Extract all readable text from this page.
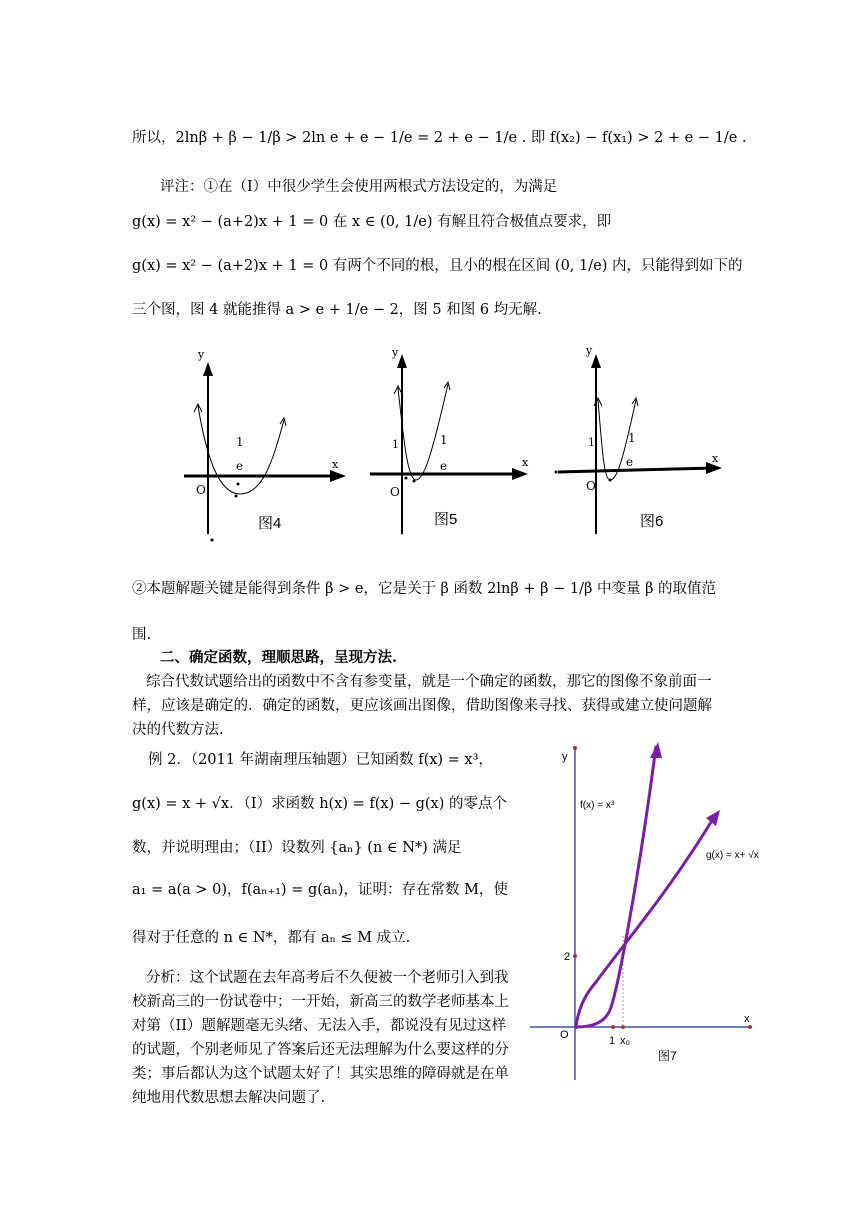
所以，2lnβ + β − 1/β > 2ln e + e − 1/e = 2 + e − 1/e . 即 f(x₂) − f(x₁) > 2 + e − 1/e .
评注：①在（I）中很少学生会使用两根式方法设定的，为满足
g(x) = x² − (a+2)x + 1 = 0 在 x ∈ (0, 1/e) 有解且符合极值点要求，即
g(x) = x² − (a+2)x + 1 = 0 有两个不同的根，且小的根在区间 (0, 1/e) 内，只能得到如下的
三个图，图 4 就能推得 a > e + 1/e − 2，图 5 和图 6 均无解.
y
x
O
1
e
图4
y
x
O
1	1
e
图5
y
x
O
1	1
e
图6
②本题解题关键是能得到条件 β > e，它是关于 β 函数 2lnβ + β − 1/β 中变量 β 的取值范
围.
二、确定函数，理顺思路，呈现方法.
综合代数试题给出的函数中不含有参变量，就是一个确定的函数，那它的图像不象前面一
样，应该是确定的．确定的函数，更应该画出图像，借助图像来寻找、获得或建立使问题解
决的代数方法.
例 2．（2011 年湖南理压轴题）已知函数 f(x) = x³，
g(x) = x + √x．（I）求函数 h(x) = f(x) − g(x) 的零点个
数，并说明理由；（II）设数列 {aₙ} (n ∈ N*) 满足
a₁ = a(a > 0)，f(aₙ₊₁) = g(aₙ)，证明：存在常数 M，使
得对于任意的 n ∈ N*，都有 aₙ ≤ M 成立.
分析：这个试题在去年高考后不久便被一个老师引入到我
校新高三的一份试卷中；一开始，新高三的数学老师基本上
对第（II）题解题毫无头绪、无法入手，都说没有见过这样
的试题，个别老师见了答案后还无法理解为什么要这样的分
类；事后都认为这个试题太好了！其实思维的障碍就是在单
纯地用代数思想去解决问题了.
y
x
O
f(x) = x³
g(x) = x+ √x
2
1 x₀
图7
